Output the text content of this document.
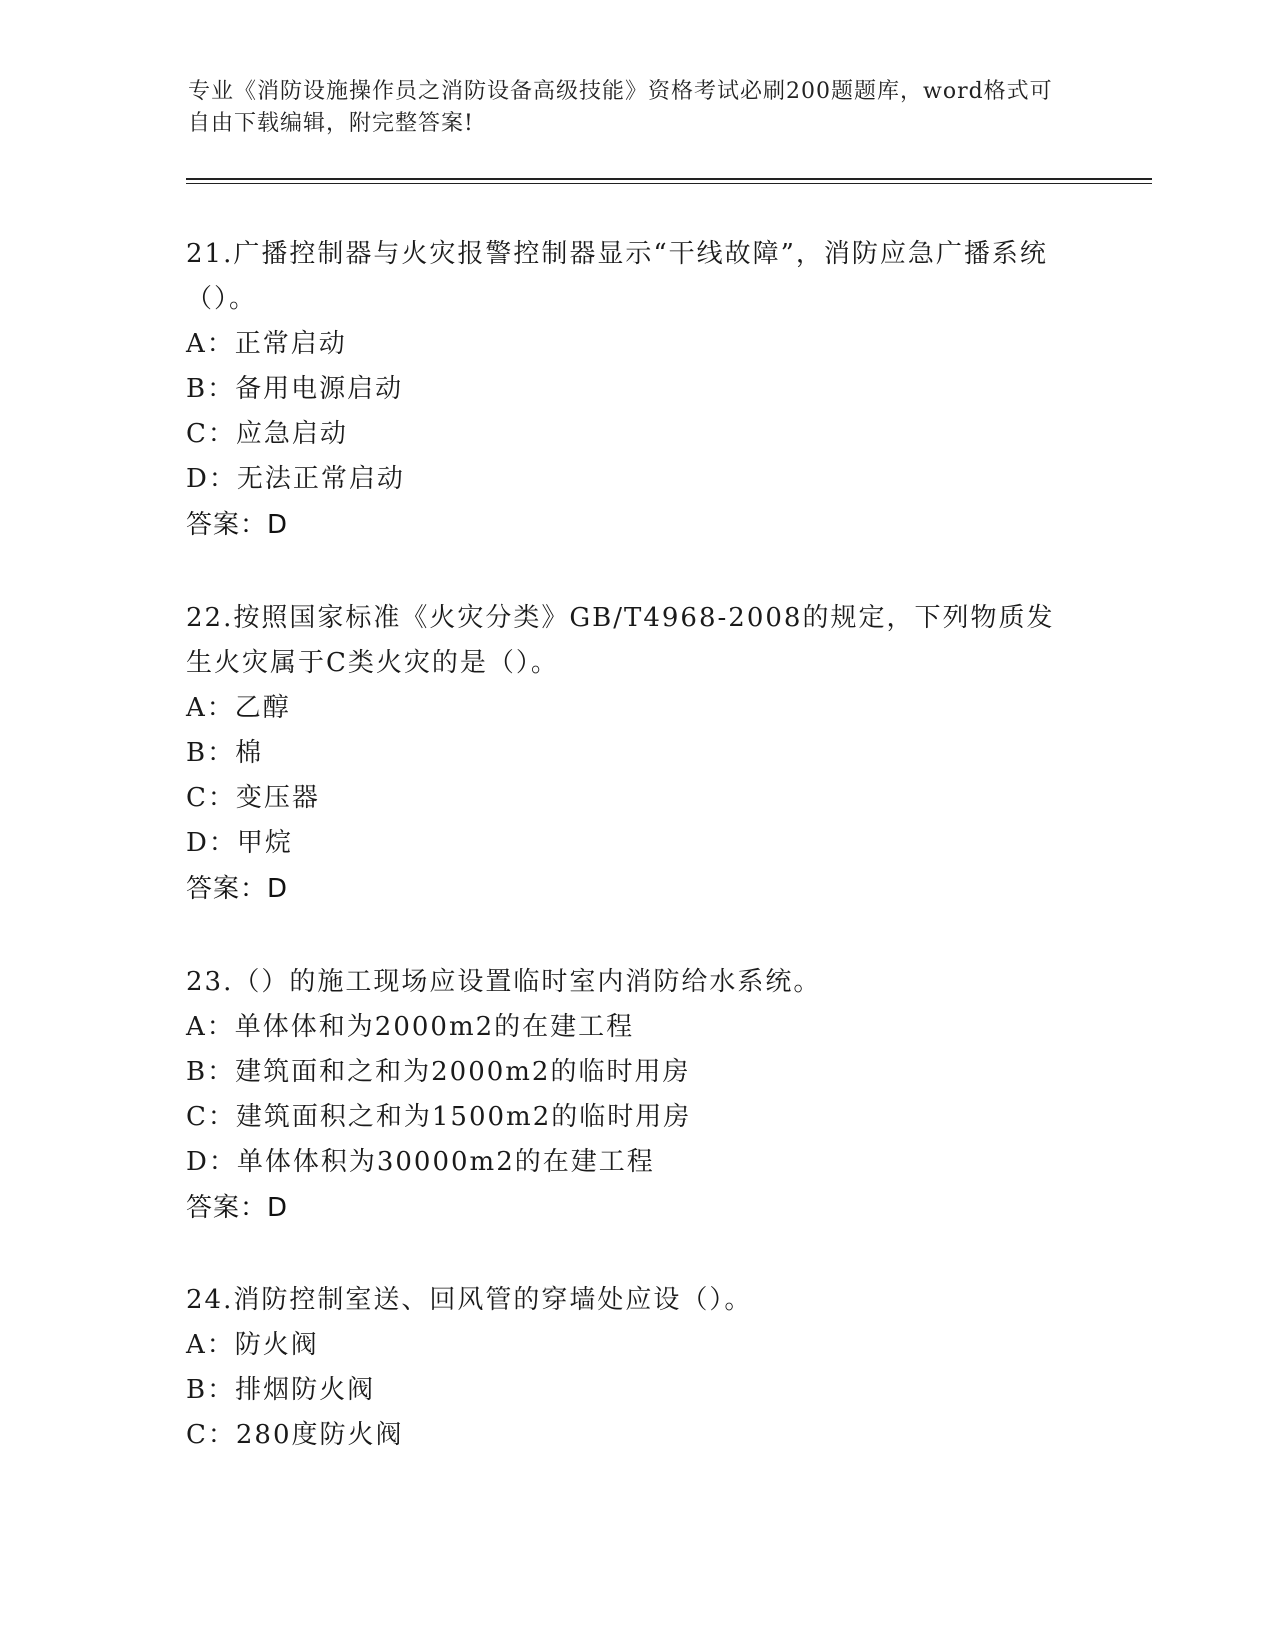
专业《消防设施操作员之消防设备高级技能》资格考试必刷200题题库，word格式可自由下载编辑，附完整答案!

21.广播控制器与火灾报警控制器显示“干线故障”，消防应急广播系统（）。

A：正常启动

B：备用电源启动

C：应急启动

D：无法正常启动

答案：D

22.按照国家标准《火灾分类》GB/T4968-2008的规定，下列物质发生火灾属于C类火灾的是（）。

A：乙醇

B：棉

C：变压器

D：甲烷

答案：D

23.（）的施工现场应设置临时室内消防给水系统。

A：单体体和为2000m2的在建工程

B：建筑面和之和为2000m2的临时用房

C：建筑面积之和为1500m2的临时用房

D：单体体积为30000m2的在建工程

答案：D

24.消防控制室送、回风管的穿墙处应设（）。

A：防火阀

B：排烟防火阀

C：280度防火阀
